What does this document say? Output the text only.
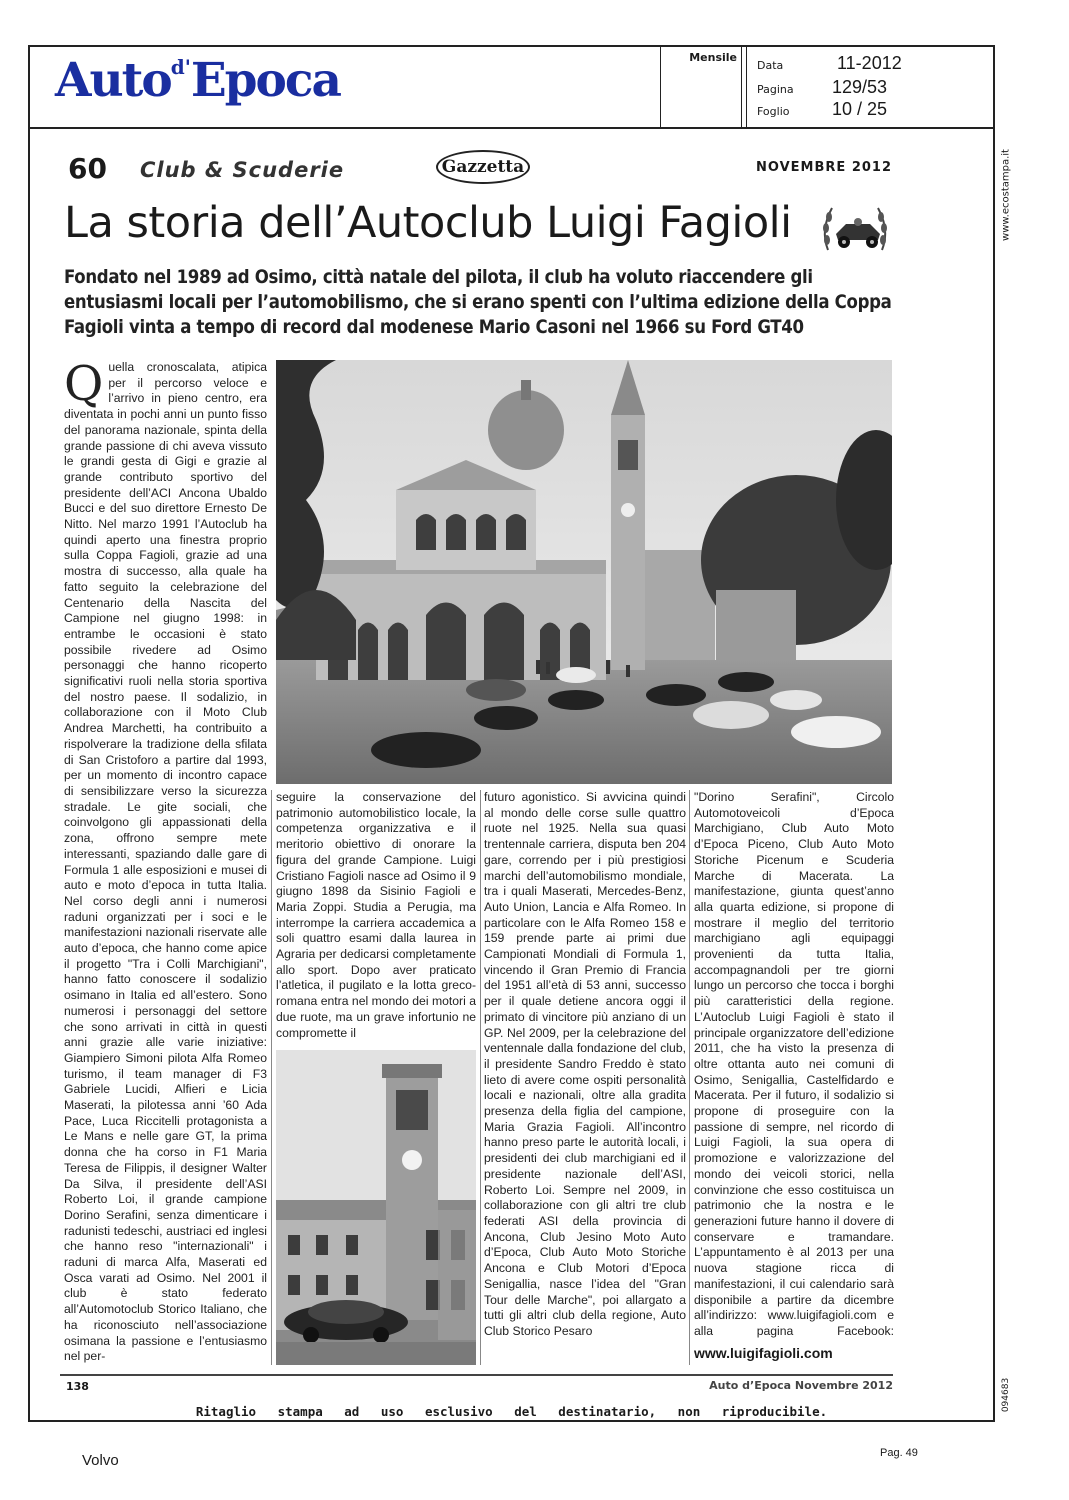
Auto$^{d'}$Epoca	Mensile
Data	11-2012
Pagina	129/53
Foglio	10 / 25
www.ecostampa.it
094683
60 Club & Scuderie	Gazzetta	NOVEMBRE 2012
La storia dell’Autoclub Luigi Fagioli
Fondato nel 1989 ad Osimo, città natale del pilota, il club ha voluto riaccendere gli entusiasmi locali per l’automobilismo, che si erano spenti con l’ultima edizione della Coppa Fagioli vinta a tempo di record dal modenese Mario Casoni nel 1966 su Ford GT40
Quella cronoscalata, atipica per il percorso veloce e l’arrivo in pieno centro, era diventata in pochi anni un punto fisso del panorama nazionale, spinta della grande passione di chi aveva vissuto le grandi gesta di Gigi e grazie al grande contributo sportivo del presidente dell’ACI Ancona Ubaldo Bucci e del suo direttore Ernesto De Nitto. Nel marzo 1991 l’Autoclub ha quindi aperto una finestra proprio sulla Coppa Fagioli, grazie ad una mostra di successo, alla quale ha fatto seguito la celebrazione del Centenario della Nascita del Campione nel giugno 1998: in entrambe le occasioni è stato possibile rivedere ad Osimo personaggi che hanno ricoperto significativi ruoli nella storia sportiva del nostro paese. Il sodalizio, in collaborazione con il Moto Club Andrea Marchetti, ha contribuito a rispolverare la tradizione della sfilata di San Cristoforo a partire dal 1993, per un momento di incontro capace di sensibilizzare verso la sicurezza stradale. Le gite sociali, che coinvolgono gli appassionati della zona, offrono sempre mete interessanti, spaziando dalle gare di Formula 1 alle esposizioni e musei di auto e moto d’epoca in tutta Italia. Nel corso degli anni i numerosi raduni organizzati per i soci e le manifestazioni nazionali riservate alle auto d’epoca, che hanno come apice il progetto "Tra i Colli Marchigiani", hanno fatto conoscere il sodalizio osimano in Italia ed all’estero. Sono numerosi i personaggi del settore che sono arrivati in città in questi anni grazie alle varie iniziative: Giampiero Simoni pilota Alfa Romeo turismo, il team manager di F3 Gabriele Lucidi, Alfieri e Licia Maserati, la pilotessa anni ’60 Ada Pace, Luca Riccitelli protagonista a Le Mans e nelle gare GT, la prima donna che ha corso in F1 Maria Teresa de Filippis, il designer Walter Da Silva, il presidente dell’ASI Roberto Loi, il grande campione Dorino Serafini, senza dimenticare i radunisti tedeschi, austriaci ed inglesi che hanno reso "internazionali" i raduni di marca Alfa, Maserati ed Osca varati ad Osimo. Nel 2001 il club è stato federato all’Automotoclub Storico Italiano, che ha riconosciuto nell’associazione osimana la passione e l’entusiasmo nel per-
seguire la conservazione del patrimonio automobilistico locale, la competenza organizzativa e il meritorio obiettivo di onorare la figura del grande Campione. Luigi Cristiano Fagioli nasce ad Osimo il 9 giugno 1898 da Sisinio Fagioli e Maria Zoppi. Studia a Perugia, ma interrompe la carriera accademica a soli quattro esami dalla laurea in Agraria per dedicarsi completamente allo sport. Dopo aver praticato l’atletica, il pugilato e la lotta greco-romana entra nel mondo dei motori a due ruote, ma un grave infortunio ne compromette il
futuro agonistico. Si avvicina quindi al mondo delle corse sulle quattro ruote nel 1925. Nella sua quasi trentennale carriera, disputa ben 204 gare, correndo per i più prestigiosi marchi dell’automobilismo mondiale, tra i quali Maserati, Mercedes-Benz, Auto Union, Lancia e Alfa Romeo. In particolare con le Alfa Romeo 158 e 159 prende parte ai primi due Campionati Mondiali di Formula 1, vincendo il Gran Premio di Francia del 1951 all’età di 53 anni, successo per il quale detiene ancora oggi il primato di vincitore più anziano di un GP. Nel 2009, per la celebrazione del ventennale dalla fondazione del club, il presidente Sandro Freddo è stato lieto di avere come ospiti personalità locali e nazionali, oltre alla gradita presenza della figlia del campione, Maria Grazia Fagioli. All’incontro hanno preso parte le autorità locali, i presidenti dei club marchigiani ed il presidente nazionale dell’ASI, Roberto Loi. Sempre nel 2009, in collaborazione con gli altri tre club federati ASI della provincia di Ancona, Club Jesino Moto Auto d’Epoca, Club Auto Moto Storiche Ancona e Club Motori d’Epoca Senigallia, nasce l’idea del "Gran Tour delle Marche", poi allargato a tutti gli altri club della regione, Auto Club Storico Pesaro
"Dorino Serafini", Circolo Automotoveicoli d’Epoca Marchigiano, Club Auto Moto d’Epoca Piceno, Club Auto Moto Storiche Picenum e Scuderia Marche di Macerata. La manifestazione, giunta quest’anno alla quarta edizione, si propone di mostrare il meglio del territorio marchigiano agli equipaggi provenienti da tutta Italia, accompagnandoli per tre giorni lungo un percorso che tocca i borghi più caratteristici della regione. L’Autoclub Luigi Fagioli è stato il principale organizzatore dell’edizione 2011, che ha visto la presenza di oltre ottanta auto nei comuni di Osimo, Senigallia, Castelfidardo e Macerata. Per il futuro, il sodalizio si propone di proseguire con la passione di sempre, nel ricordo di Luigi Fagioli, la sua opera di promozione e valorizzazione del mondo dei veicoli storici, nella convinzione che esso costituisca un patrimonio che la nostra e le generazioni future hanno il dovere di conservare e tramandare. L’appuntamento è al 2013 per una nuova stagione ricca di manifestazioni, il cui calendario sarà disponibile a partire da dicembre all’indirizzo: www.luigifagioli.com e alla pagina Facebook:
www.luigifagioli.com
138	Auto d’Epoca Novembre 2012
Ritaglio stampa ad uso esclusivo del destinatario, non riproducibile.
Volvo	Pag. 49
